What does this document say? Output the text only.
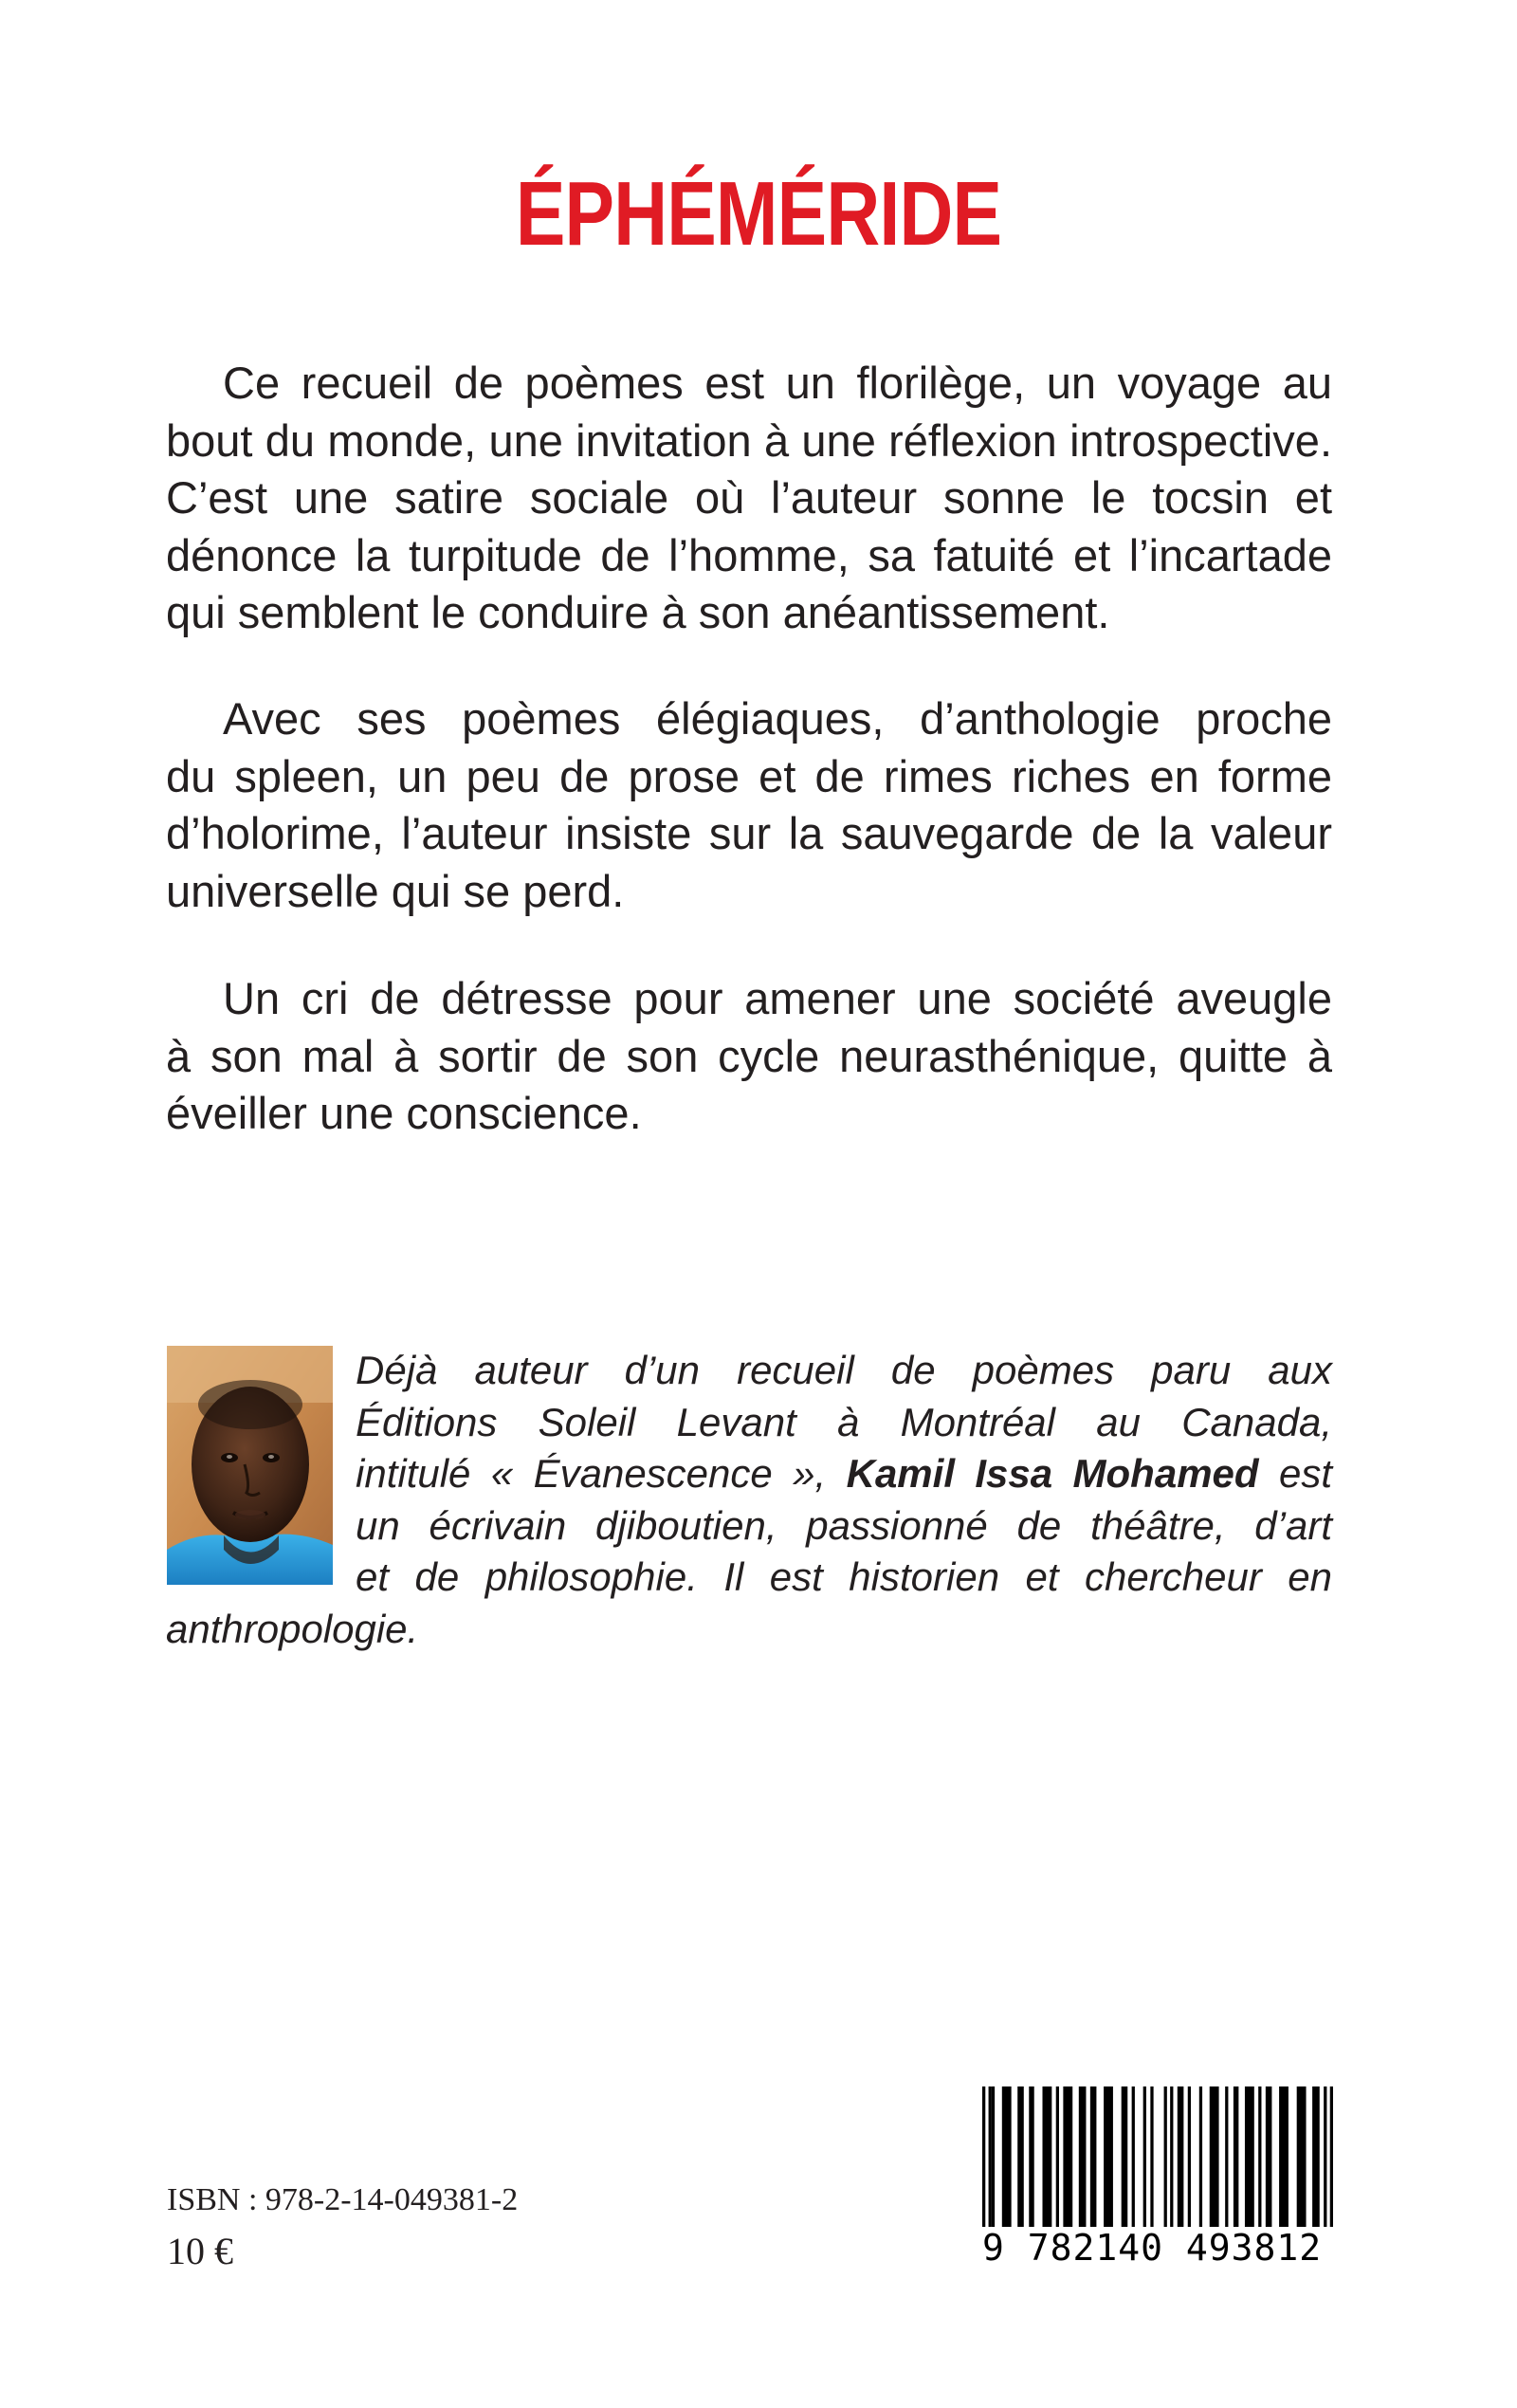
ÉPHÉMÉRIDE
Ce recueil de poèmes est un florilège, un voyage au
bout du monde, une invitation à une réflexion introspective.
C’est une satire sociale où l’auteur sonne le tocsin et
dénonce la turpitude de l’homme, sa fatuité et l’incartade
qui semblent le conduire à son anéantissement.
Avec ses poèmes élégiaques, d’anthologie proche
du spleen, un peu de prose et de rimes riches en forme
d’holorime, l’auteur insiste sur la sauvegarde de la valeur
universelle qui se perd.
Un cri de détresse pour amener une société aveugle
à son mal à sortir de son cycle neurasthénique, quitte à
éveiller une conscience.
Déjà auteur d’un recueil de poèmes paru aux
Éditions Soleil Levant à Montréal au Canada,
intitulé « Évanescence », Kamil Issa Mohamed est
un écrivain djiboutien, passionné de théâtre, d’art
et de philosophie. Il est historien et chercheur en
anthropologie.
ISBN : 978-2-14-049381-2
10 €	9 782140 493812
